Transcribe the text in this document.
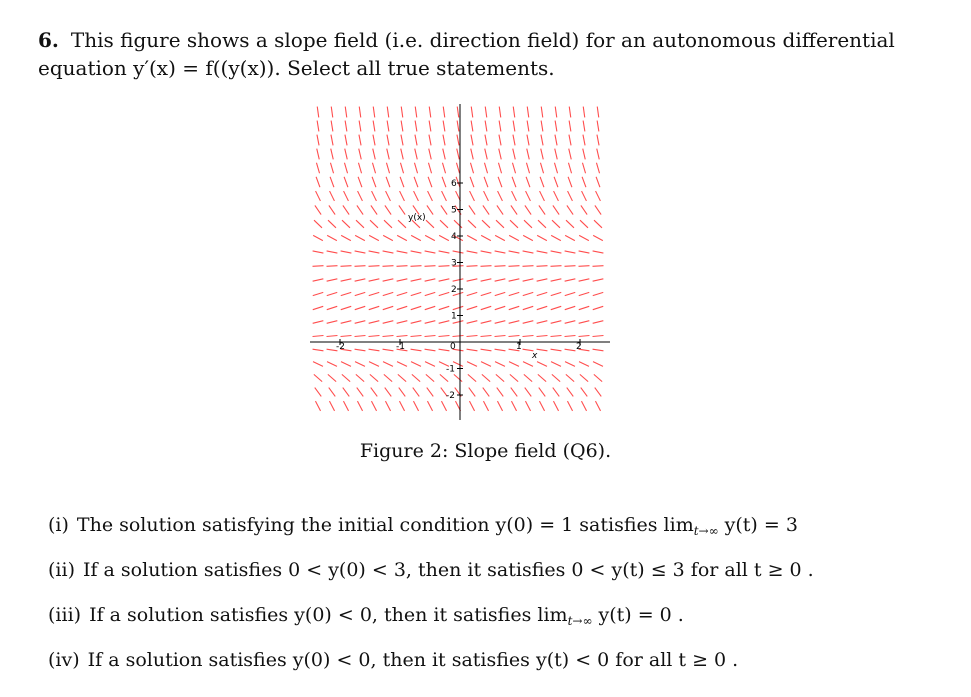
6. This figure shows a slope field (i.e. direction field) for an autonomous differential
equation y′(x) = f((y(x)). Select all true statements.
6
5
4
3
2
1
-1
-2
-2	-1	0	1	2
y(x)
x
Figure 2: Slope field (Q6).
(i) The solution satisfying the initial condition y(0) = 1 satisfies $\lim_{t\to\infty} y(t) = 3$
(ii) If a solution satisfies 0 < y(0) < 3, then it satisfies 0 < y(t) ≤ 3 for all t ≥ 0 .
(iii) If a solution satisfies y(0) < 0, then it satisfies $\lim_{t\to\infty} y(t) = 0$ .
(iv) If a solution satisfies y(0) < 0, then it satisfies y(t) < 0 for all t ≥ 0 .
